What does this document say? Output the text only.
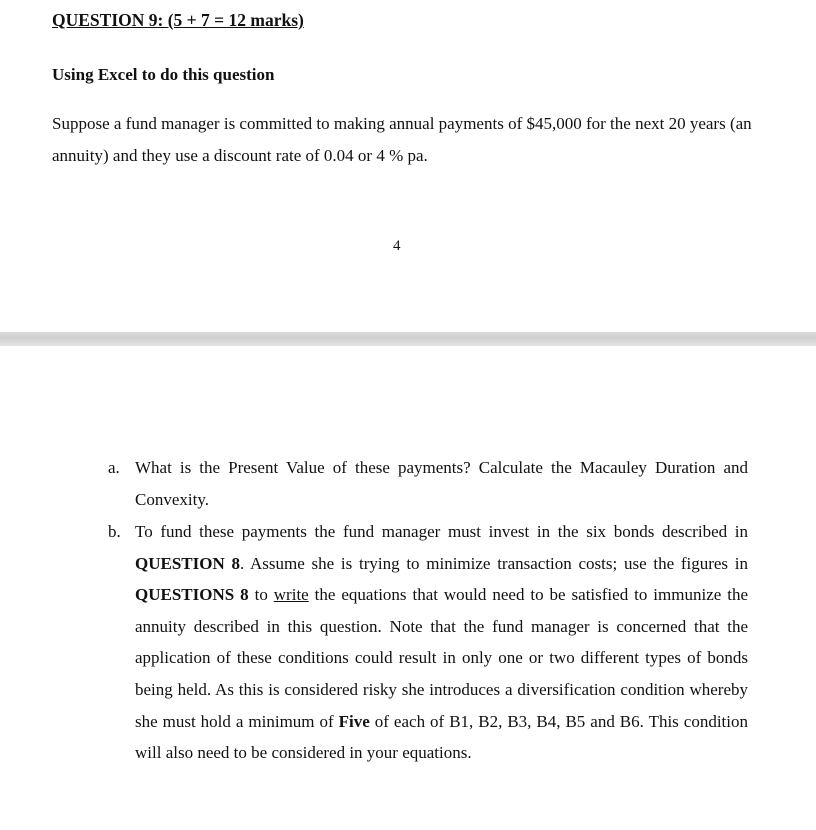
QUESTION 9: (5 + 7 = 12 marks)
Using Excel to do this question

Suppose a fund manager is committed to making annual payments of $45,000 for the next 20 years (an annuity) and they use a discount rate of 0.04 or 4 % pa.

4
a. What is the Present Value of these payments? Calculate the Macauley Duration and Convexity.
b. To fund these payments the fund manager must invest in the six bonds described in QUESTION 8. Assume she is trying to minimize transaction costs; use the figures in QUESTIONS 8 to write the equations that would need to be satisfied to immunize the annuity described in this question. Note that the fund manager is concerned that the application of these conditions could result in only one or two different types of bonds being held. As this is considered risky she introduces a diversification condition whereby she must hold a minimum of Five of each of B1, B2, B3, B4, B5 and B6. This condition will also need to be considered in your equations.
